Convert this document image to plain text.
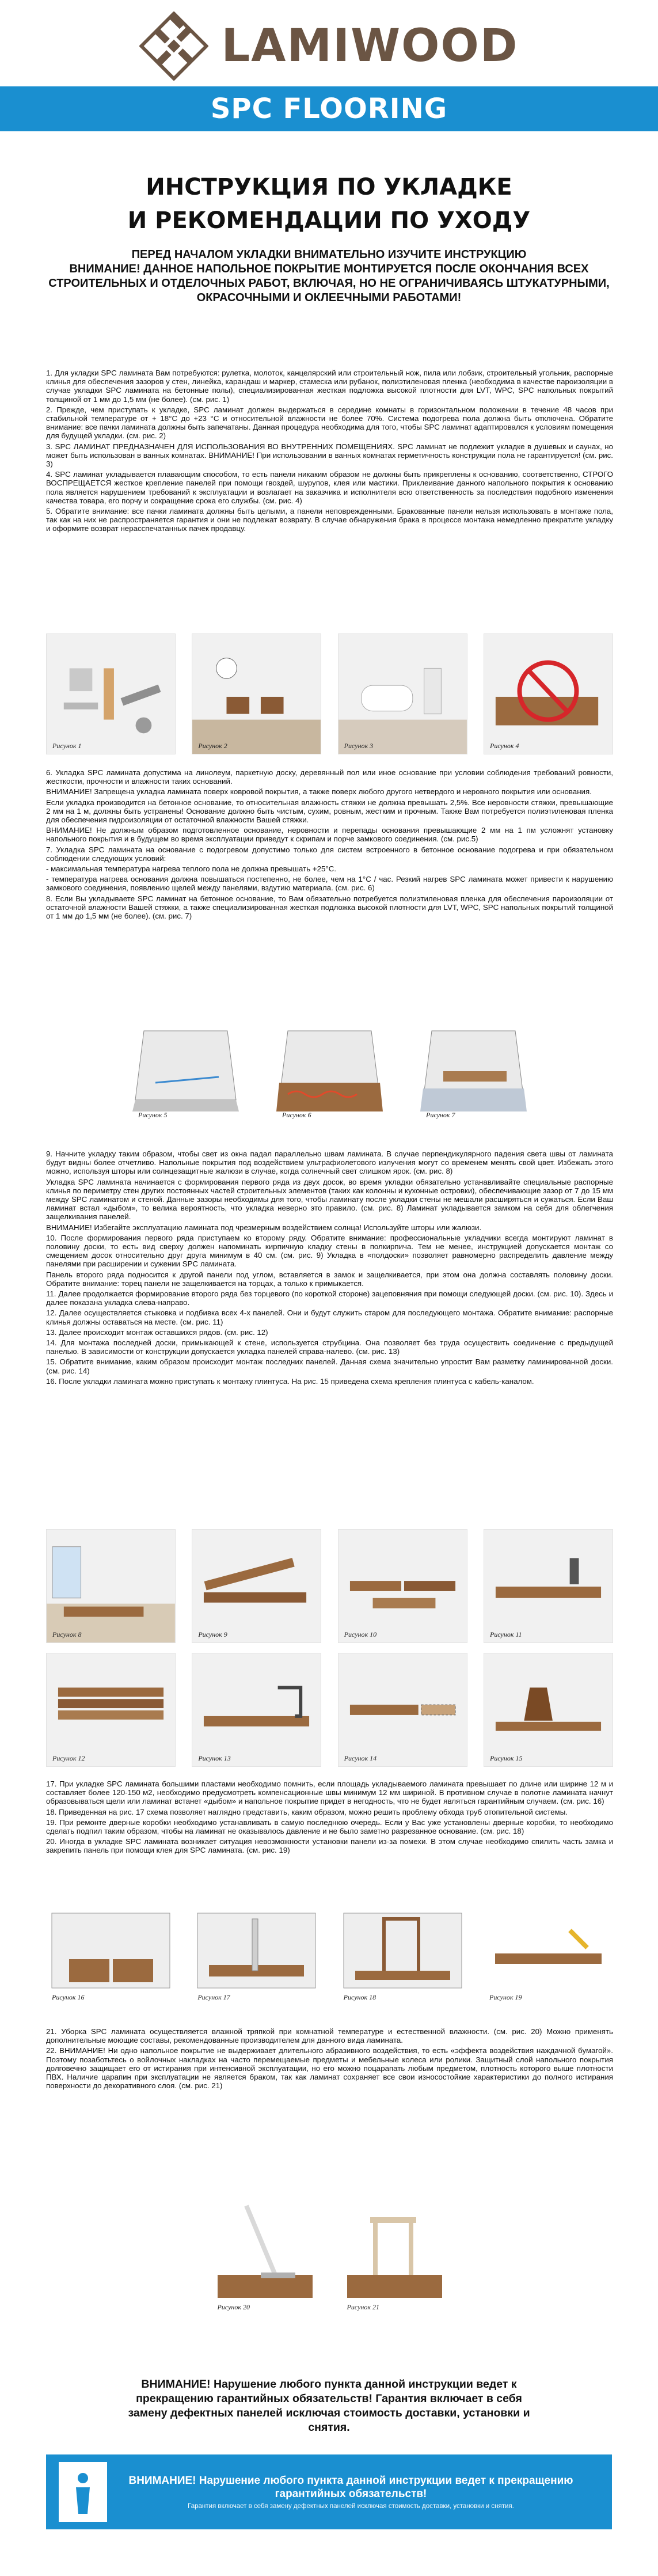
LAMIWOOD
SPC FLOORING
ИНСТРУКЦИЯ ПО УКЛАДКЕ
И РЕКОМЕНДАЦИИ ПО УХОДУ
ПЕРЕД НАЧАЛОМ УКЛАДКИ ВНИМАТЕЛЬНО ИЗУЧИТЕ ИНСТРУКЦИЮ
ВНИМАНИЕ! ДАННОЕ НАПОЛЬНОЕ ПОКРЫТИЕ МОНТИРУЕТСЯ ПОСЛЕ ОКОНЧАНИЯ ВСЕХ СТРОИТЕЛЬНЫХ И ОТДЕЛОЧНЫХ РАБОТ, ВКЛЮЧАЯ, НО НЕ ОГРАНИЧИВАЯСЬ ШТУКАТУРНЫМИ, ОКРАСОЧНЫМИ И ОКЛЕЕЧНЫМИ РАБОТАМИ!

1. Для укладки SPC ламината Вам потребуются: рулетка, молоток, канцелярский или строительный нож, пила или лобзик, строительный угольник, распорные клинья для обеспечения зазоров у стен, линейка, карандаш и маркер, стамеска или рубанок, полиэтиленовая пленка (необходима в качестве пароизоляции в случае укладки SPC ламината на бетонные полы), специализированная жесткая подложка высокой плотности для LVT, WPC, SPC напольных покрытий толщиной от 1 мм до 1,5 мм (не более). (см. рис. 1)

2. Прежде, чем приступать к укладке, SPC ламинат должен выдержаться в середине комнаты в горизонтальном положении в течение 48 часов при стабильной температуре от + 18°С до +23 °С и относительной влажности не более 70%. Система подогрева пола должна быть отключена. Обратите внимание: все пачки ламината должны быть запечатаны. Данная процедура необходима для того, чтобы SPC ламинат адаптировался к условиям помещения для будущей укладки. (см. рис. 2)

3. SPC ЛАМИНАТ ПРЕДНАЗНАЧЕН ДЛЯ ИСПОЛЬЗОВАНИЯ ВО ВНУТРЕННИХ ПОМЕЩЕНИЯХ. SPC ламинат не подлежит укладке в душевых и саунах, но может быть использован в ванных комнатах. ВНИМАНИЕ! При использовании в ванных комнатах герметичность конструкции пола не гарантируется! (см. рис. 3)

4. SPC ламинат укладывается плавающим способом, то есть панели никаким образом не должны быть прикреплены к основанию, соответственно, СТРОГО ВОСПРЕЩАЕТСЯ жесткое крепление панелей при помощи гвоздей, шурупов, клея или мастики. Приклеивание данного напольного покрытия к основанию пола является нарушением требований к эксплуатации и возлагает на заказчика и исполнителя всю ответственность за последствия подобного изменения качества товара, его порчу и сокращение срока его службы. (см. рис. 4)

5. Обратите внимание: все пачки ламината должны быть целыми, а панели неповрежденными. Бракованные панели нельзя использовать в монтаже пола, так как на них не распространяется гарантия и они не подлежат возврату. В случае обнаружения брака в процессе монтажа немедленно прекратите укладку и оформите возврат нерасспечатанных пачек продавцу.

Рисунок 1	Рисунок 2	Рисунок 3	Рисунок 4

6. Укладка SPC ламината допустима на линолеум, паркетную доску, деревянный пол или иное основание при условии соблюдения требований ровности, жесткости, прочности и влажности таких оснований.

ВНИМАНИЕ! Запрещена укладка ламината поверх ковровой покрытия, а также поверх любого другого нетвердого и неровного покрытия или основания.

Если укладка производится на бетонное основание, то относительная влажность стяжки не должна превышать 2,5%. Все неровности стяжки, превышающие 2 мм на 1 м, должны быть устранены! Основание должно быть чистым, сухим, ровным, жестким и прочным. Также Вам потребуется полиэтиленовая пленка для обеспечения гидроизоляции от остаточной влажности Вашей стяжки.

ВНИМАНИЕ! Не должным образом подготовленное основание, неровности и перепады основания превышающие 2 мм на 1 пм усложнят установку напольного покрытия и в будущем во время эксплуатации приведут к скрипам и порче замкового соединения. (см. рис.5)

7. Укладка SPC ламината на основание с подогревом допустимо только для систем встроенного в бетонное основание подогрева и при обязательном соблюдении следующих условий:

- максимальная температура нагрева теплого пола не должна превышать +25°С.

- температура нагрева основания должна повышаться постепенно, не более, чем на 1°С / час. Резкий нагрев SPC ламината может привести к нарушению замкового соединения, появлению щелей между панелями, вздутию материала. (см. рис. 6)

8. Если Вы укладываете SPC ламинат на бетонное основание, то Вам обязательно потребуется полиэтиленовая пленка для обеспечения пароизоляции от остаточной влажности Вашей стяжки, а также специализированная жесткая подложка высокой плотности для LVT, WPC, SPC напольных покрытий толщиной от 1 мм до 1,5 мм (не более). (см. рис. 7)

Рисунок 5	Рисунок 6	Рисунок 7

9. Начните укладку таким образом, чтобы свет из окна падал параллельно швам ламината. В случае перпендикулярного падения света швы от ламината будут видны более отчетливо. Напольные покрытия под воздействием ультрафиолетового излучения могут со временем менять свой цвет. Избежать этого можно, используя шторы или солнцезащитные жалюзи в случае, когда солнечный свет слишком ярок. (см. рис. 8)

Укладка SPC ламината начинается с формирования первого ряда из двух досок, во время укладки обязательно устанавливайте специальные распорные клинья по периметру стен других постоянных частей строительных элементов (таких как колонны и кухонные островки), обеспечивающие зазор от 7 до 15 мм между SPC ламинатом и стеной. Данные зазоры необходимы для того, чтобы ламинату после укладки стены не мешали расширяться и сужаться. Если Ваш ламинат встал «дыбом», то велика вероятность, что укладка неверно это правило. (см. рис. 8) Ламинат укладывается замком на себя для облегчения защелкивания панелей.

ВНИМАНИЕ! Избегайте эксплуатацию ламината под чрезмерным воздействием солнца! Используйте шторы или жалюзи.

10. После формирования первого ряда приступаем ко второму ряду. Обратите внимание: профессиональные укладчики всегда монтируют ламинат в половину доски, то есть вид сверху должен напоминать кирпичную кладку стены в полкирпича. Тем не менее, инструкцией допускается монтаж со смещением досок относительно друг друга минимум в 40 см. (см. рис. 9) Укладка в «полдоски» позволяет равномерно распределить давление между панелями при расширении и сужении SPC ламината.

Панель второго ряда подносится к другой панели под углом, вставляется в замок и защелкивается, при этом она должна составлять половину доски. Обратите внимание: торец панели не защелкивается на торцах, а только к примыкается.

11. Далее продолжается формирование второго ряда без торцевого (по короткой стороне) зацеповняния при помощи следующей доски. (см. рис. 10). Здесь и далее показана укладка слева-направо.

12. Далее осуществляется стыковка и подбивка всех 4-х панелей. Они и будут служить старом для последующего монтажа. Обратите внимание: распорные клинья должны оставаться на месте. (см. рис. 11)

13. Далее происходит монтаж оставшихся рядов. (см. рис. 12)

14. Для монтажа последней доски, примыкающей к стене, используется струбцина. Она позволяет без труда осуществить соединение с предыдущей панелью. В зависимости от конструкции допускается укладка панелей справа-налево. (см. рис. 13)

15. Обратите внимание, каким образом происходит монтаж последних панелей. Данная схема значительно упростит Вам разметку ламинированной доски. (см. рис. 14)

16. После укладки ламината можно приступать к монтажу плинтуса. На рис. 15 приведена схема крепления плинтуса с кабель-каналом.

Рисунок 8	Рисунок 9	Рисунок 10	Рисунок 11
Рисунок 12	Рисунок 13	Рисунок 14	Рисунок 15

17. При укладке SPC ламината большими пластами необходимо помнить, если площадь укладываемого ламината превышает по длине или ширине 12 м и составляет более 120-150 м2, необходимо предусмотреть компенсационные швы минимум 12 мм шириной. В противном случае в полотне ламината начнут образовываться щели или ламинат встанет «дыбом» и напольное покрытие придет в негодность, что не будет являться гарантийным случаем. (см. рис. 16)

18. Приведенная на рис. 17 схема позволяет наглядно представить, каким образом, можно решить проблему обхода труб отопительной системы.

19. При ремонте дверные коробки необходимо устанавливать в самую последнюю очередь. Если у Вас уже установлены дверные коробки, то необходимо сделать подпил таким образом, чтобы на ламинат не оказывалось давление и не было заметно разрезанное основание. (см. рис. 18)

20. Иногда в укладке SPC ламината возникает ситуация невозможности установки панели из-за помехи. В этом случае необходимо спилить часть замка и закрепить панель при помощи клея для SPC ламината. (см. рис. 19)

Рисунок 16	Рисунок 17	Рисунок 18	Рисунок 19

21. Уборка SPC ламината осуществляется влажной тряпкой при комнатной температуре и естественной влажности. (см. рис. 20) Можно применять дополнительные моющие составы, рекомендованные производителем для данного вида ламината.

22. ВНИМАНИЕ! Ни одно напольное покрытие не выдерживает длительного абразивного воздействия, то есть «эффекта воздействия наждачной бумагой». Поэтому позаботьтесь о войлочных накладках на часто перемещаемые предметы и мебельные колеса или ролики. Защитный слой напольного покрытия долговечно защищает его от истирания при интенсивной эксплуатации, но его можно поцарапать любым предметом, плотность которого выше плотности ПВХ. Наличие царапин при эксплуатации не является браком, так как ламинат сохраняет все свои износостойкие характеристики до полного истирания поверхности до декоративного слоя. (см. рис. 21)

Рисунок 20	Рисунок 21
ВНИМАНИЕ! Нарушение любого пункта данной инструкции ведет к прекращению гарантийных обязательств! Гарантия включает в себя замену дефектных панелей исключая стоимость доставки, установки и снятия.
ВНИМАНИЕ! Нарушение любого пункта данной инструкции ведет к прекращению гарантийных обязательств!
Гарантия включает в себя замену дефектных панелей исключая стоимость доставки, установки и снятия.
